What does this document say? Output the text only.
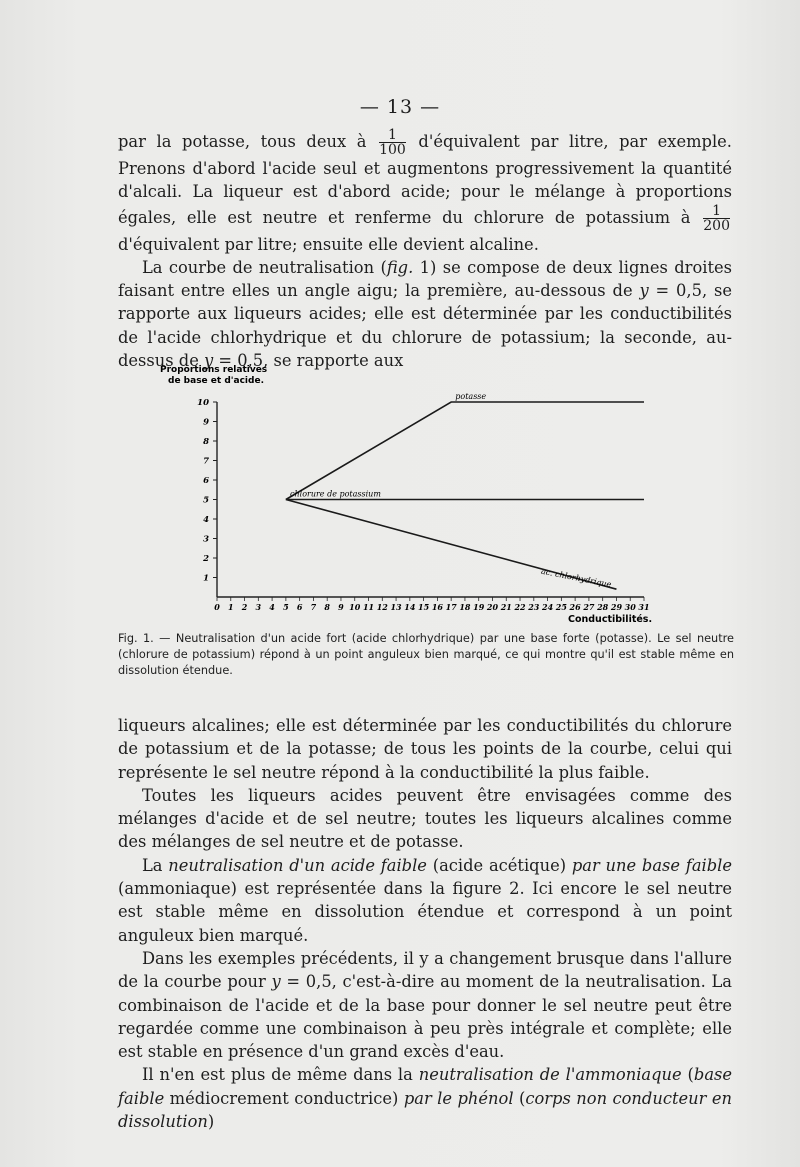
— 13 —

par la potasse, tous deux à $\frac{1}{100}$ d'équivalent par litre, par exemple. Prenons d'abord l'acide seul et augmentons progressivement la quantité d'alcali. La liqueur est d'abord acide; pour le mélange à proportions égales, elle est neutre et renferme du chlorure de potassium à $\frac{1}{200}$
d'équivalent par litre; ensuite elle devient alcaline.

La courbe de neutralisation (fig. 1) se compose de deux lignes droites faisant entre elles un angle aigu; la première, au-dessous de y = 0,5, se rapporte aux liqueurs acides; elle est déterminée par les conductibilités de l'acide chlorhydrique et du chlorure de potassium; la seconde, au-dessus de y = 0,5, se rapporte aux

Proportions relatives
de base et d'acide.
Conductibilités.
10
9
8
7
6
5
4
3
2
1
0 1 2 3 4 5 6 7 8 9 10 11 12 13 14 15 16 17 18 19 20 21 22 23 24 25 26 27 28 29 30 31
potasse
chlorure de potassium
ac. chlorhydrique
Fig. 1. — Neutralisation d'un acide fort (acide chlorhydrique) par une base forte (potasse). Le sel neutre (chlorure de potassium) répond à un point anguleux bien marqué, ce qui montre qu'il est stable même en dissolution étendue.

liqueurs alcalines; elle est déterminée par les conductibilités du chlorure de potassium et de la potasse; de tous les points de la courbe, celui qui représente le sel neutre répond à la conductibilité la plus faible.

Toutes les liqueurs acides peuvent être envisagées comme des mélanges d'acide et de sel neutre; toutes les liqueurs alcalines comme des mélanges de sel neutre et de potasse.

La neutralisation d'un acide faible (acide acétique) par une base faible (ammoniaque) est représentée dans la figure 2. Ici encore le sel neutre est stable même en dissolution étendue et correspond à un point anguleux bien marqué.

Dans les exemples précédents, il y a changement brusque dans l'allure de la courbe pour y = 0,5, c'est-à-dire au moment de la neutralisation. La combinaison de l'acide et de la base pour donner le sel neutre peut être regardée comme une combinaison à peu près intégrale et complète; elle est stable en présence d'un grand excès d'eau.

Il n'en est plus de même dans la neutralisation de l'ammoniaque (base faible médiocrement conductrice) par le phénol (corps non conducteur en dissolution)
